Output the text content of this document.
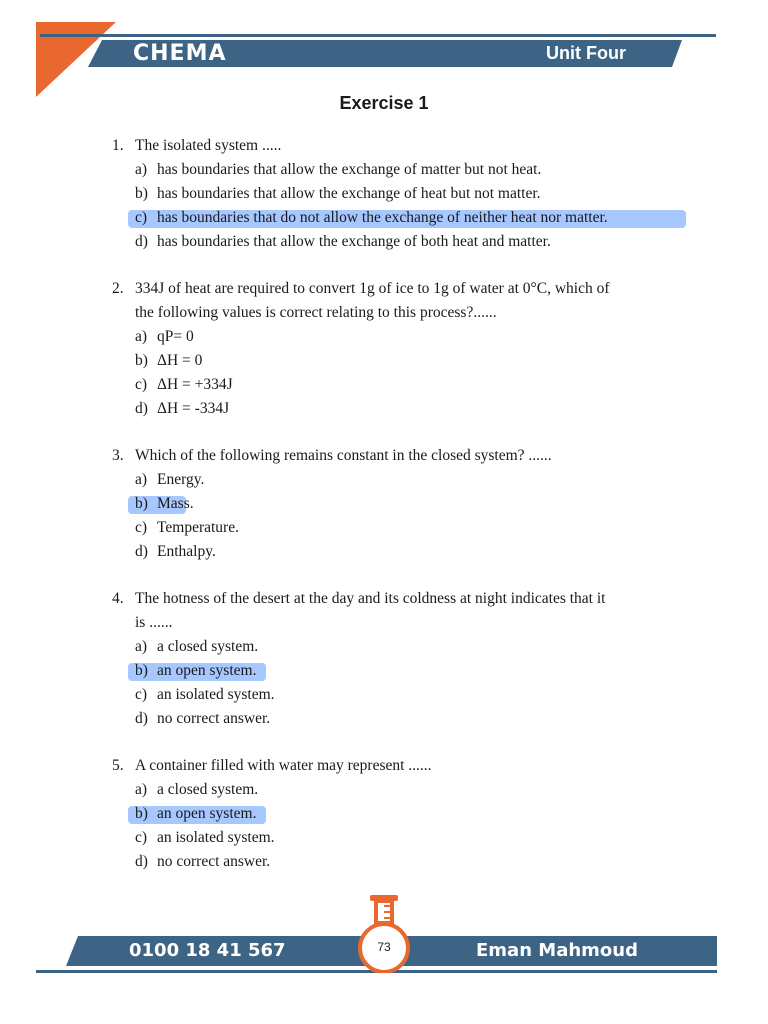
CHEMA	Unit Four
Exercise 1
1. The isolated system .....
a) has boundaries that allow the exchange of matter but not heat.
b) has boundaries that allow the exchange of heat but not matter.
c) has boundaries that do not allow the exchange of neither heat nor matter.
d) has boundaries that allow the exchange of both heat and matter.
2. 334J of heat are required to convert 1g of ice to 1g of water at 0°C, which of
the following values is correct relating to this process?......
a) qP= 0
b) ΔH = 0
c) ΔH = +334J
d) ΔH = -334J
3. Which of the following remains constant in the closed system? ......
a) Energy.
b) Mass.
c) Temperature.
d) Enthalpy.
4. The hotness of the desert at the day and its coldness at night indicates that it
is ......
a) a closed system.
b) an open system.
c) an isolated system.
d) no correct answer.
5. A container filled with water may represent ......
a) a closed system.
b) an open system.
c) an isolated system.
d) no correct answer.
0100 18 41 567	Eman Mahmoud
73
